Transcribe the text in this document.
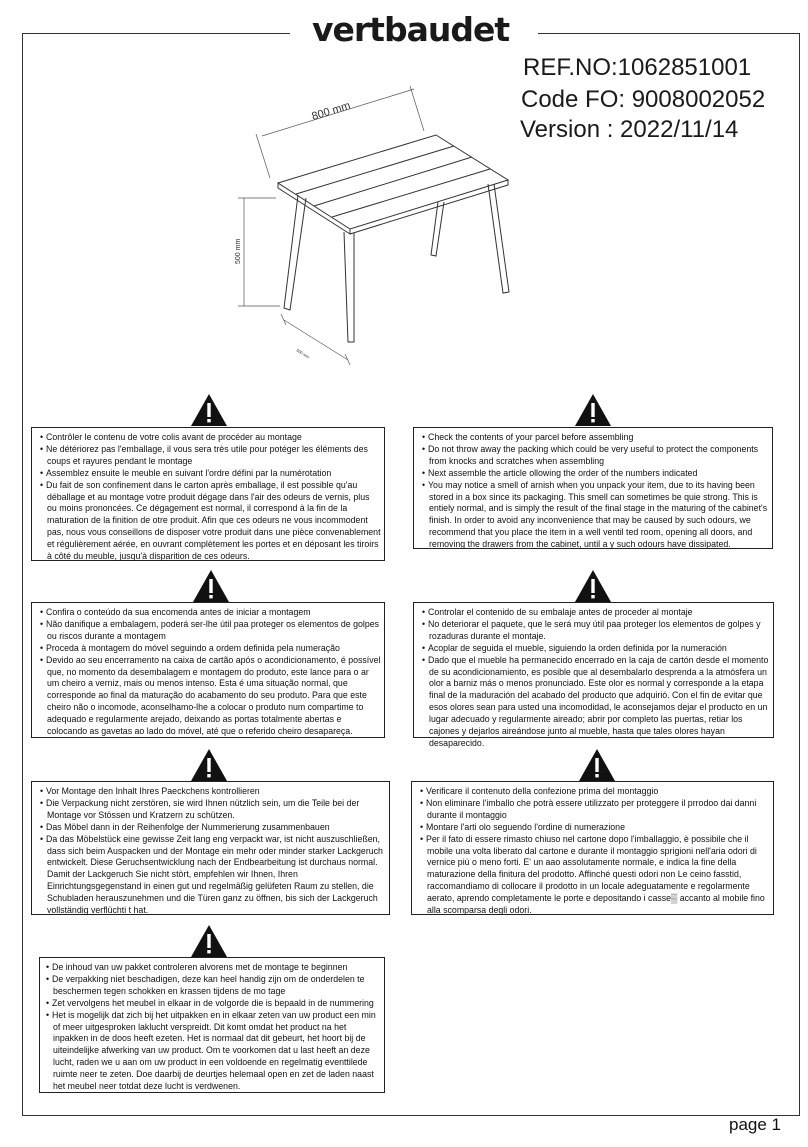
vertbaudet
REF.NO:1062851001
Code FO: 9008002052
Version : 2022/11/14
800 mm
500 mm
500 mm
• Contrôler le contenu de votre colis avant de procéder au montage
• Ne détériorez pas l'emballage, il vous sera très utile pour potéger les éléments des coups et rayures pendant le montage
• Assemblez ensuite le meuble en suivant l'ordre défini par la numérotation
• Du fait de son confinement dans le carton après emballage, il est possible qu'au déballage et au montage votre produit dégage dans l'air des odeurs de vernis, plus ou moins prononcées. Ce dégagement est normal, il correspond à la fin de la maturation de la finition de otre produit. Afin que ces odeurs ne vous incommodent pas, nous vous conseillons de disposer votre produit dans une pièce convenablement et régulièrement aérée, en ouvrant complètement les portes et en déposant les tiroirs à côté du meuble, jusqu'à disparition de ces odeurs.
• Check the contents of your parcel before assembling
• Do not throw away the packing which could be very useful to protect the components from knocks and scratches when assembling
• Next assemble the article ollowing the order of the numbers indicated
• You may notice a smell of arnish when you unpack your item, due to its having been stored in a box since its packaging. This smell can sometimes be quie strong. This is entiely normal, and is simply the result of the final stage in the maturing of the cabinet's finish. In order to avoid any inconvenience that may be caused by such odours, we recommend that you place the item in a well ventil ted room, opening all doors, and removing the drawers from the cabinet, until a y such odours have dissipated.
• Confira o conteúdo da sua encomenda antes de iniciar a montagem
• Não danifique a embalagem, poderá ser-lhe útil paa proteger os elementos de golpes ou riscos durante a montagem
• Proceda à montagem do móvel seguindo a ordem definida pela numeração
• Devido ao seu encerramento na caixa de cartão após o acondicionamento, é possível que, no momento da desembalagem e montagem do produto, este lance para o ar um cheiro a verniz, mais ou menos intenso. Esta é uma situação normal, que corresponde ao final da maturação do acabamento do seu produto. Para que este cheiro não o incomode, aconselhamo-lhe a colocar o produto num compartime to adequado e regularmente arejado, deixando as portas totalmente abertas e colocando as gavetas ao lado do móvel, até que o referido cheiro desapareça.
• Controlar el contenido de su embalaje antes de proceder al montaje
• No deteriorar el paquete, que le será muy útil paa proteger los elementos de golpes y rozaduras durante el montaje.
• Acoplar de seguida el mueble, siguiendo la orden definida por la numeración
• Dado que el mueble ha permanecido encerrado en la caja de cartón desde el momento de su acondicionamiento, es posible que al desembalarlo desprenda a la atmósfera un olor a barniz más o menos pronunciado. Este olor es normal y corresponde a la etapa final de la maduración del acabado del producto que adquirió. Con el fin de evitar que esos olores sean para usted una incomodidad, le aconsejamos dejar el producto en un lugar adecuado y regularmente aireado; abrir por completo las puertas, retiar los cajones y dejarlos aireándose junto al mueble, hasta que tales olores hayan desaparecido.
• Vor Montage den Inhalt Ihres Paeckchens kontrollieren
• Die Verpackung nicht zerstören, sie wird Ihnen nützlich sein, um die Teile bei der Montage vor Stössen und Kratzern zu schützen.
• Das Möbel dann in der Reihenfolge der Nummerierung zusammenbauen
• Da das Möbelstück eine gewisse Zeit lang eng verpackt war, ist nicht auszuschließen, dass sich beim Auspacken und der Montage ein mehr oder minder starker Lackgeruch entwickelt. Diese Geruchsentwicklung nach der Endbearbeitung ist durchaus normal. Damit der Lackgeruch Sie nicht stört, empfehlen wir Ihnen, Ihren Einrichtungsgegenstand in einen gut und regelmäßig gelüfeten Raum zu stellen, die Schubladen herauszunehmen und die Türen ganz zu öffnen, bis sich der Lackgeruch vollständig verflüchti t hat.
• Verificare il contenuto della confezione prima del montaggio
• Non eliminare l'imballo che potrà essere utilizzato per proteggere il prrodoo dai danni durante il montaggio
• Montare l'arti olo seguendo l'ordine di numerazione
• Per il fato di essere rimasto chiuso nel cartone dopo l'imballaggio, è possibile che il mobile una volta liberato dal cartone e durante il montaggio sprigioni nell'aria odori di vernice più o meno forti. E' un aao assolutamente normale, e indica la fine della maturazione della finitura del prodotto. Affinché questi odori non Le ceino fasstid, raccomandiamo di collocare il prodotto in un locale adeguatamente e regolarmente aerato, aprendo completamente le porte e depositando i casse▒ accanto al mobile fino alla scomparsa degli odori.
• De inhoud van uw pakket controleren alvorens met de montage te beginnen
• De verpakking niet beschadigen, deze kan heel handig zijn om de onderdelen te beschermen tegen schokken en krassen tijdens de mo tage
• Zet vervolgens het meubel in elkaar in de volgorde die is bepaald in de nummering
• Het is mogelijk dat zich bij het uitpakken en in elkaar zeten van uw product een min of meer uitgesproken laklucht verspreidt. Dit komt omdat het product na het inpakken in de doos heeft ezeten. Het is normaal dat dit gebeurt, het hoort bij de uiteindelijke afwerking van uw product. Om te voorkomen dat u last heeft an deze lucht, raden we u aan om uw product in een voldoende en regelmatig eventtilede ruimte neer te zeten. Doe daarbij de deurtjes helemaal open en zet de laden naast het meubel neer totdat deze lucht is verdwenen.
page 1
